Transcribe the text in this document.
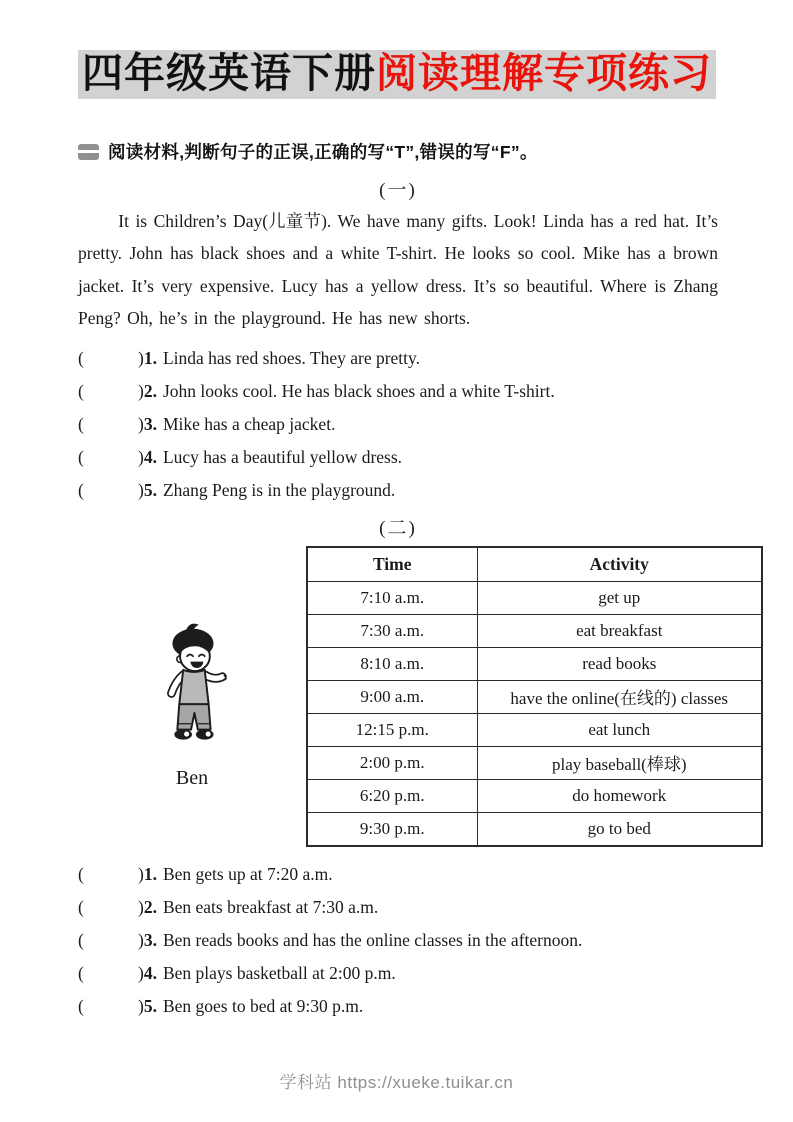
四年级英语下册阅读理解专项练习
阅读材料,判断句子的正误,正确的写“T”,错误的写“F”。
(一)

It is Children’s Day(儿童节). We have many gifts. Look! Linda has a red hat. It’s pretty. John has black shoes and a white T-shirt. He looks so cool. Mike has a brown jacket. It’s very expensive. Lucy has a yellow dress. It’s so beautiful. Where is Zhang Peng? Oh, he’s in the playground. He has new shorts.

(	)1. Linda has red shoes. They are pretty.
(	)2. John looks cool. He has black shoes and a white T-shirt.
(	)3. Mike has a cheap jacket.
(	)4. Lucy has a beautiful yellow dress.
(	)5. Zhang Peng is in the playground.
(二)
Ben
Time	Activity
7:10 a.m.	get up
7:30 a.m.	eat breakfast
8:10 a.m.	read books
9:00 a.m.	have the online(在线的) classes
12:15 p.m.	eat lunch
2:00 p.m.	play baseball(棒球)
6:20 p.m.	do homework
9:30 p.m.	go to bed
(	)1. Ben gets up at 7:20 a.m.
(	)2. Ben eats breakfast at 7:30 a.m.
(	)3. Ben reads books and has the online classes in the afternoon.
(	)4. Ben plays basketball at 2:00 p.m.
(	)5. Ben goes to bed at 9:30 p.m.
学科站 https://xueke.tuikar.cn
